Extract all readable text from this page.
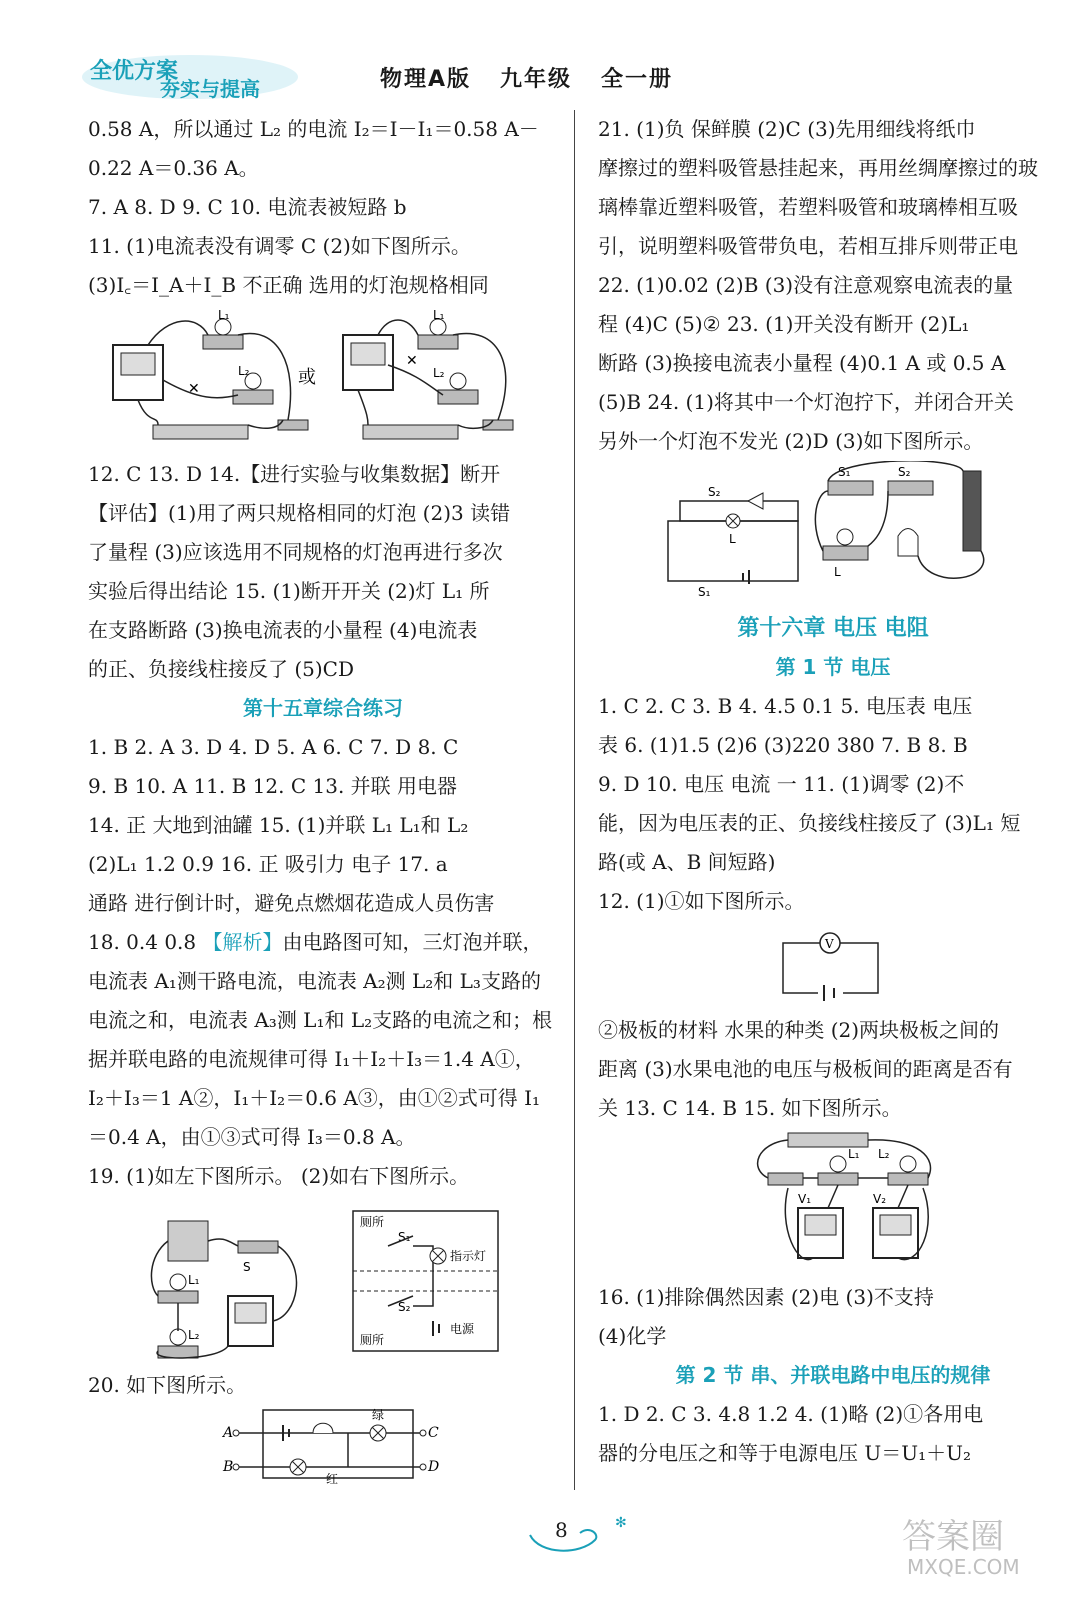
全优方案
夯实与提高	物理A版   九年级   全一册
0.58 A，所以通过 L₂ 的电流 I₂＝I－I₁＝0.58 A－
0.22 A＝0.36 A。
7. A 8. D 9. C 10. 电流表被短路 b
11. (1)电流表没有调零 C (2)如下图所示。
(3)I꜀＝I_A＋I_B 不正确 选用的灯泡规格相同
✕
L₁
L₂	或
✕
L₁
L₂
12. C 13. D 14.【进行实验与收集数据】断开
【评估】(1)用了两只规格相同的灯泡 (2)3 读错
了量程 (3)应该选用不同规格的灯泡再进行多次
实验后得出结论 15. (1)断开开关 (2)灯 L₁ 所
在支路断路 (3)换电流表的小量程 (4)电流表
的正、负接线柱接反了 (5)CD
第十五章综合练习
1. B 2. A 3. D 4. D 5. A 6. C 7. D 8. C
9. B 10. A 11. B 12. C 13. 并联 用电器
14. 正 大地到油罐 15. (1)并联 L₁ L₁和 L₂
(2)L₁ 1.2 0.9 16. 正 吸引力 电子 17. a
通路 进行倒计时，避免点燃烟花造成人员伤害
18. 0.4 0.8 【解析】由电路图可知，三灯泡并联，
电流表 A₁测干路电流，电流表 A₂测 L₂和 L₃支路的
电流之和，电流表 A₃测 L₁和 L₂支路的电流之和；根
据并联电路的电流规律可得 I₁＋I₂＋I₃＝1.4 A①，
I₂＋I₃＝1 A②，I₁＋I₂＝0.6 A③，由①②式可得 I₁
＝0.4 A，由①③式可得 I₃＝0.8 A。
19. (1)如左下图所示。 (2)如右下图所示。
S
L₁
L₂
厕所
厕所
S₁
S₂
指示灯
电源
20. 如下图所示。
A
B
C
D
绿
红
21. (1)负 保鲜膜 (2)C (3)先用细线将纸巾
摩擦过的塑料吸管悬挂起来，再用丝绸摩擦过的玻
璃棒靠近塑料吸管，若塑料吸管和玻璃棒相互吸
引，说明塑料吸管带负电，若相互排斥则带正电
22. (1)0.02 (2)B (3)没有注意观察电流表的量
程 (4)C (5)② 23. (1)开关没有断开 (2)L₁
断路 (3)换接电流表小量程 (4)0.1 A 或 0.5 A
(5)B 24. (1)将其中一个灯泡拧下，并闭合开关
另外一个灯泡不发光 (2)D (3)如下图所示。
S₂
S₁
L
S₁	S₂
L
第十六章 电压 电阻
第 1 节 电压
1. C 2. C 3. B 4. 4.5 0.1 5. 电压表 电压
表 6. (1)1.5 (2)6 (3)220 380 7. B 8. B
9. D 10. 电压 电流 一 11. (1)调零 (2)不
能，因为电压表的正、负接线柱接反了 (3)L₁ 短
路(或 A、B 间短路)
12. (1)①如下图所示。
V
②极板的材料 水果的种类 (2)两块极板之间的
距离 (3)水果电池的电压与极板间的距离是否有
关 13. C 14. B 15. 如下图所示。
L₁ L₂
V₁	V₂
16. (1)排除偶然因素 (2)电 (3)不支持
(4)化学
第 2 节 串、并联电路中电压的规律
1. D 2. C 3. 4.8 1.2 4. (1)略 (2)①各用电
器的分电压之和等于电源电压 U＝U₁＋U₂
✻
8	答案圈
MXQE.COM
